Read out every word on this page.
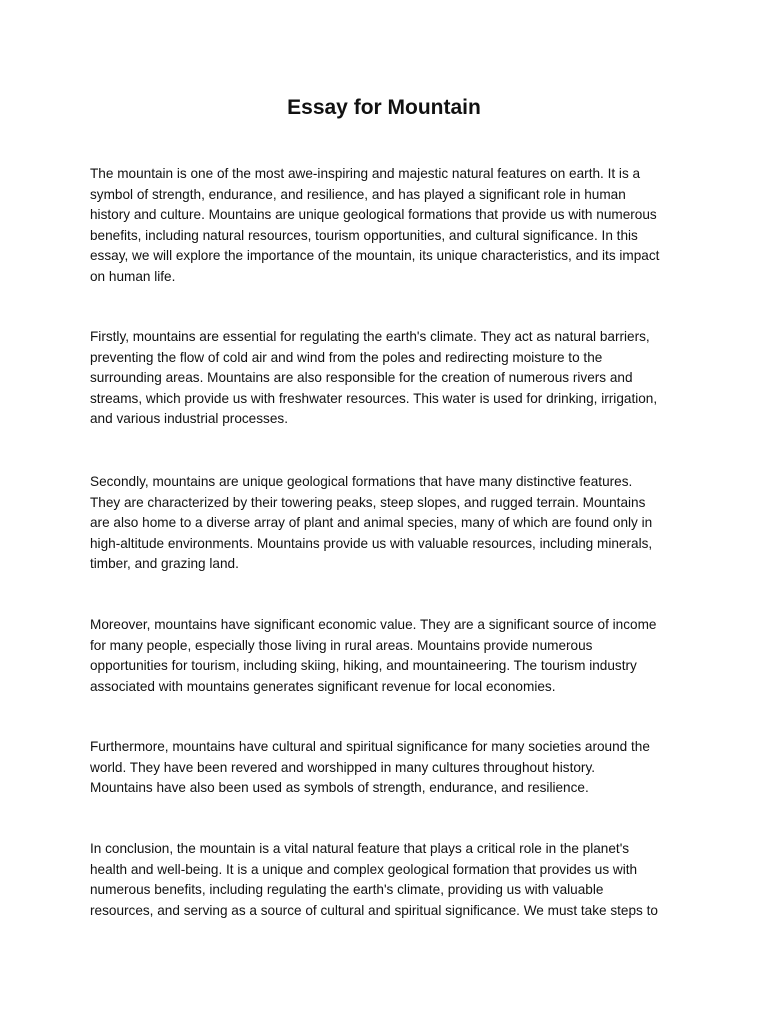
Essay for Mountain
The mountain is one of the most awe-inspiring and majestic natural features on earth. It is a
symbol of strength, endurance, and resilience, and has played a significant role in human
history and culture. Mountains are unique geological formations that provide us with numerous
benefits, including natural resources, tourism opportunities, and cultural significance. In this
essay, we will explore the importance of the mountain, its unique characteristics, and its impact
on human life.
Firstly, mountains are essential for regulating the earth's climate. They act as natural barriers,
preventing the flow of cold air and wind from the poles and redirecting moisture to the
surrounding areas. Mountains are also responsible for the creation of numerous rivers and
streams, which provide us with freshwater resources. This water is used for drinking, irrigation,
and various industrial processes.
Secondly, mountains are unique geological formations that have many distinctive features.
They are characterized by their towering peaks, steep slopes, and rugged terrain. Mountains
are also home to a diverse array of plant and animal species, many of which are found only in
high-altitude environments. Mountains provide us with valuable resources, including minerals,
timber, and grazing land.
Moreover, mountains have significant economic value. They are a significant source of income
for many people, especially those living in rural areas. Mountains provide numerous
opportunities for tourism, including skiing, hiking, and mountaineering. The tourism industry
associated with mountains generates significant revenue for local economies.
Furthermore, mountains have cultural and spiritual significance for many societies around the
world. They have been revered and worshipped in many cultures throughout history.
Mountains have also been used as symbols of strength, endurance, and resilience.
In conclusion, the mountain is a vital natural feature that plays a critical role in the planet's
health and well-being. It is a unique and complex geological formation that provides us with
numerous benefits, including regulating the earth's climate, providing us with valuable
resources, and serving as a source of cultural and spiritual significance. We must take steps to
